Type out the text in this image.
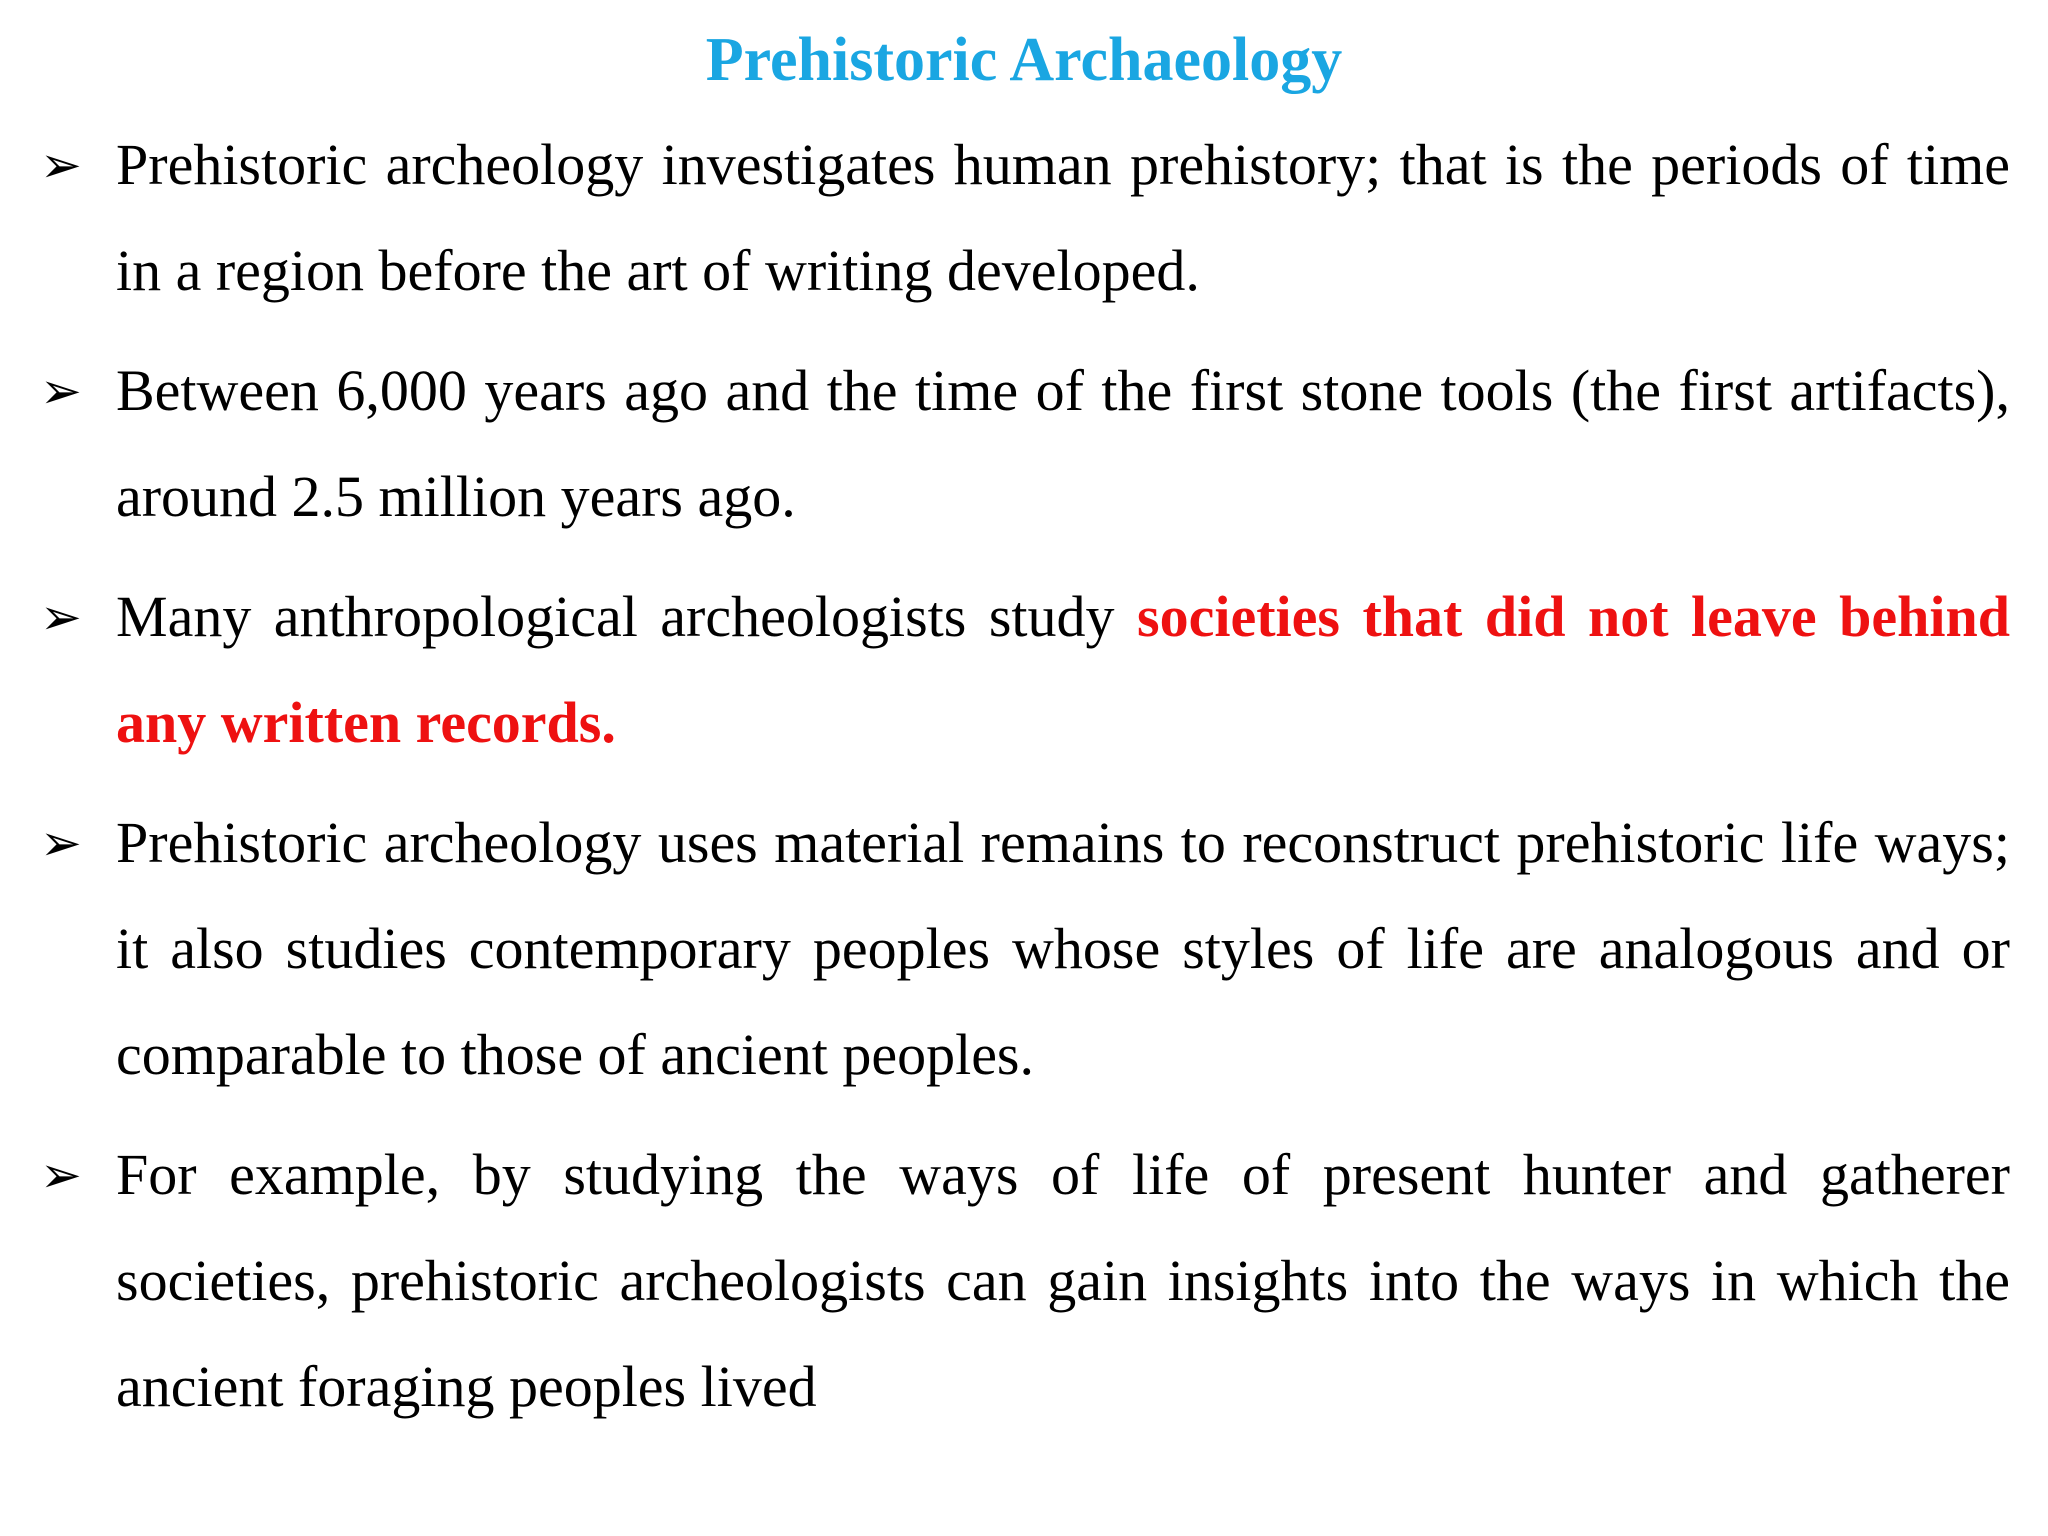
Prehistoric Archaeology
➢ Prehistoric archeology investigates human prehistory; that is the periods of time in a region before the art of writing developed.
➢ Between 6,000 years ago and the time of the first stone tools (the first artifacts), around 2.5 million years ago.
➢ Many anthropological archeologists study societies that did not leave behind any written records.
➢ Prehistoric archeology uses material remains to reconstruct prehistoric life ways; it also studies contemporary peoples whose styles of life are analogous and or comparable to those of ancient peoples.
➢ For example, by studying the ways of life of present hunter and gatherer societies, prehistoric archeologists can gain insights into the ways in which the ancient foraging peoples lived
